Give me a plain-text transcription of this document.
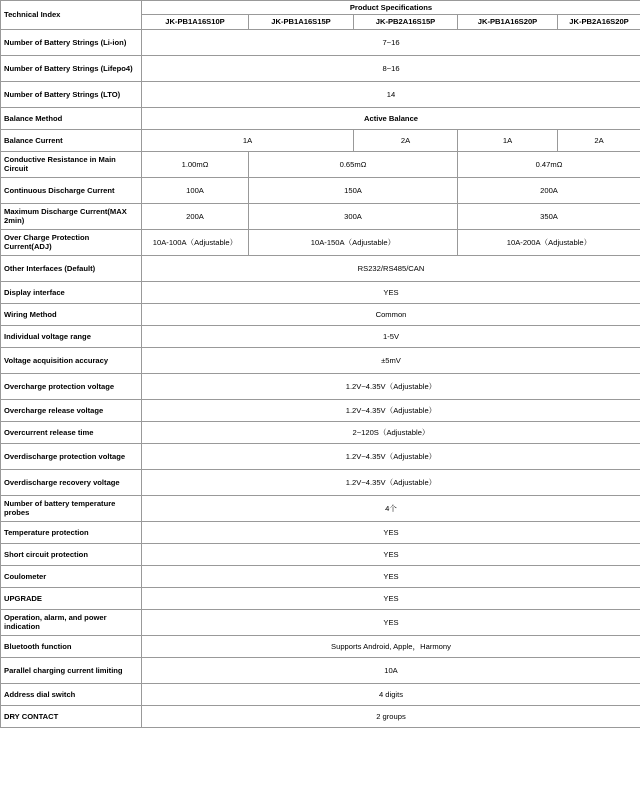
Technical Index	Product Specifications				
	JK-PB1A16S10P	JK-PB1A16S15P	JK-PB2A16S15P	JK-PB1A16S20P	JK-PB2A16S20P
Number of Battery Strings (Li-ion)	7~16				
Number of Battery Strings (Lifepo4)	8~16				
Number of Battery Strings (LTO)	14				
Balance Method	Active Balance				
Balance Current	1A		2A	1A	2A
Conductive Resistance in Main Circuit	1.00mΩ	0.65mΩ		0.47mΩ	
Continuous Discharge Current	100A	150A		200A	
Maximum Discharge Current(MAX 2min)	200A	300A		350A	
Over Charge Protection Current(ADJ)	10A-100A（Adjustable）	10A-150A（Adjustable）		10A-200A（Adjustable）	
Other Interfaces (Default)	RS232/RS485/CAN				
Display interface	YES				
Wiring Method	Common				
Individual voltage range	1-5V				
Voltage acquisition accuracy	±5mV				
Overcharge protection voltage	1.2V~4.35V（Adjustable）				
Overcharge release voltage	1.2V~4.35V（Adjustable）				
Overcurrent release time	2~120S（Adjustable）				
Overdischarge protection voltage	1.2V~4.35V（Adjustable）				
Overdischarge recovery voltage	1.2V~4.35V（Adjustable）				
Number of battery temperature probes	4个				
Temperature protection	YES				
Short circuit protection	YES				
Coulometer	YES				
UPGRADE	YES				
Operation, alarm, and power indication	YES				
Bluetooth function	Supports Android, Apple，Harmony				
Parallel charging current limiting	10A				
Address dial switch	4 digits				
DRY CONTACT	2 groups				
